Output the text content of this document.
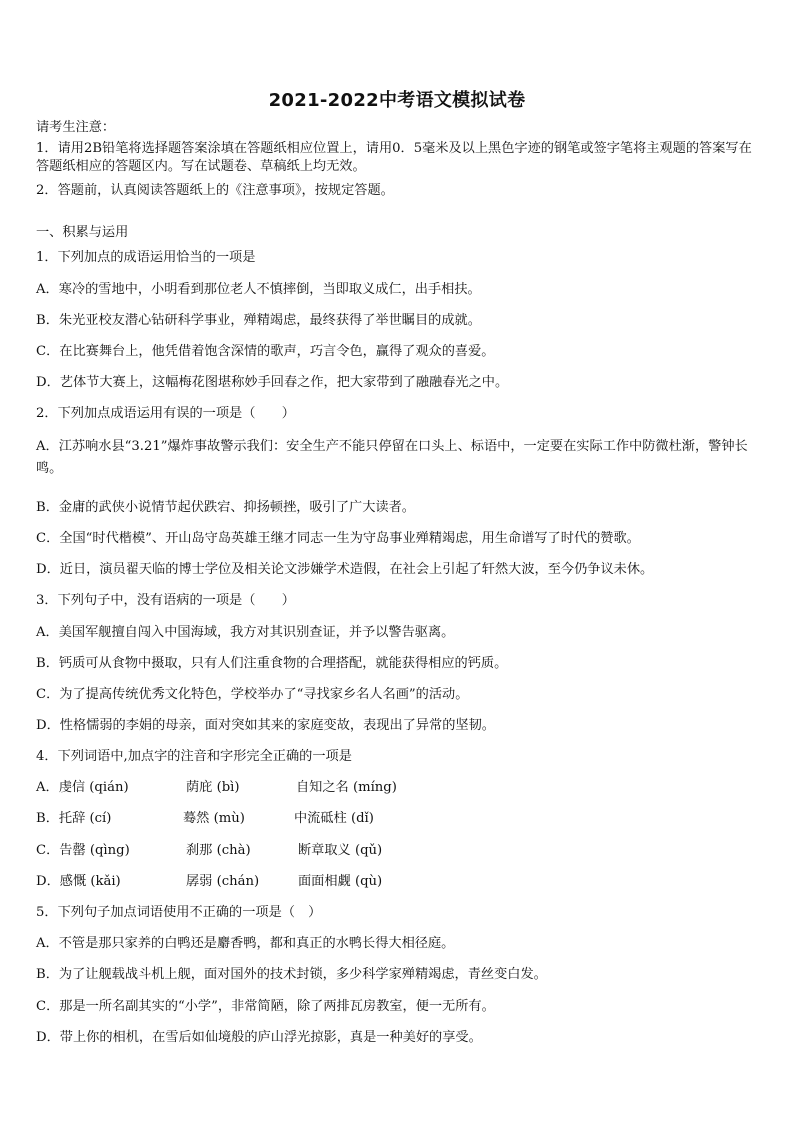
2021-2022中考语文模拟试卷
请考生注意：
1．请用2B铅笔将选择题答案涂填在答题纸相应位置上，请用0．5毫米及以上黑色字迹的钢笔或签字笔将主观题的答案写在答题纸相应的答题区内。写在试题卷、草稿纸上均无效。
2．答题前，认真阅读答题纸上的《注意事项》，按规定答题。
一、积累与运用
1．下列加点的成语运用恰当的一项是
A．寒冷的雪地中，小明看到那位老人不慎摔倒，当即取义成仁，出手相扶。
B．朱光亚校友潜心钻研科学事业，殚精竭虑，最终获得了举世瞩目的成就。
C．在比赛舞台上，他凭借着饱含深情的歌声，巧言令色，赢得了观众的喜爱。
D．艺体节大赛上，这幅梅花图堪称妙手回春之作，把大家带到了融融春光之中。
2．下列加点成语运用有误的一项是（　　）
A．江苏响水县“3.21”爆炸事故警示我们：安全生产不能只停留在口头上、标语中，一定要在实际工作中防微杜渐，警钟长鸣。
B．金庸的武侠小说情节起伏跌宕、抑扬顿挫，吸引了广大读者。
C．全国“时代楷模”、开山岛守岛英雄王继才同志一生为守岛事业殚精竭虑，用生命谱写了时代的赞歌。
D．近日，演员翟天临的博士学位及相关论文涉嫌学术造假，在社会上引起了轩然大波，至今仍争议未休。
3．下列句子中，没有语病的一项是（　　）
A．美国军舰擅自闯入中国海域，我方对其识别查证，并予以警告驱离。
B．钙质可从食物中摄取，只有人们注重食物的合理搭配，就能获得相应的钙质。
C．为了提高传统优秀文化特色，学校举办了“寻找家乡名人名画”的活动。
D．性格懦弱的李娟的母亲，面对突如其来的家庭变故，表现出了异常的坚韧。
4．下列词语中,加点字的注音和字形完全正确的一项是
A．虔信 (qián)	荫庇 (bì)	自知之名 (míng)
B．托辞 (cí)	蓦然 (mù)	中流砥柱 (dǐ)
C．告罄 (qìng)	刹那 (chà)	断章取义 (qǔ)
D．感慨 (kǎi)	孱弱 (chán)	面面相觑 (qù)
5．下列句子加点词语使用不正确的一项是（　）
A．不管是那只家养的白鸭还是麝香鸭，都和真正的水鸭长得大相径庭。
B．为了让舰载战斗机上舰，面对国外的技术封锁，多少科学家殚精竭虑，青丝变白发。
C．那是一所名副其实的“小学”，非常简陋，除了两排瓦房教室，便一无所有。
D．带上你的相机，在雪后如仙境般的庐山浮光掠影，真是一种美好的享受。
